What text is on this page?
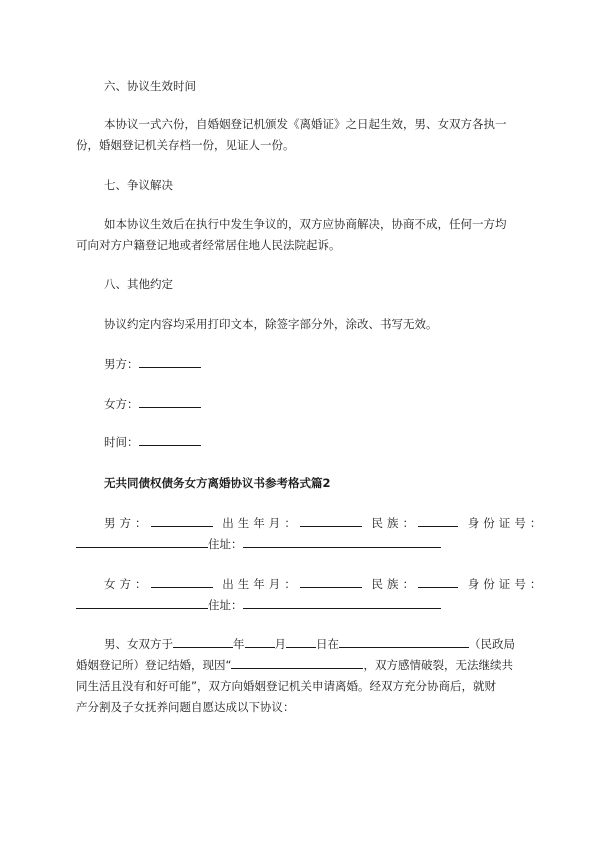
六、协议生效时间
本协议一式六份，自婚姻登记机颁发《离婚证》之日起生效，男、女双方各执一
份，婚姻登记机关存档一份，见证人一份。
七、争议解决
如本协议生效后在执行中发生争议的，双方应协商解决，协商不成，任何一方均
可向对方户籍登记地或者经常居住地人民法院起诉。
八、其他约定
协议约定内容均采用打印文本，除签字部分外，涂改、书写无效。
男方：
女方：
时间：
无共同债权债务女方离婚协议书参考格式篇2
男方：	出生年月：	民族：	身份证号：
住址：
女方：	出生年月：	民族：	身份证号：
住址：
男、女双方于	年	月	日在	（民政局
婚姻登记所）登记结婚，现因“	，双方感情破裂，无法继续共
同生活且没有和好可能”，双方向婚姻登记机关申请离婚。经双方充分协商后，就财
产分割及子女抚养问题自愿达成以下协议：
